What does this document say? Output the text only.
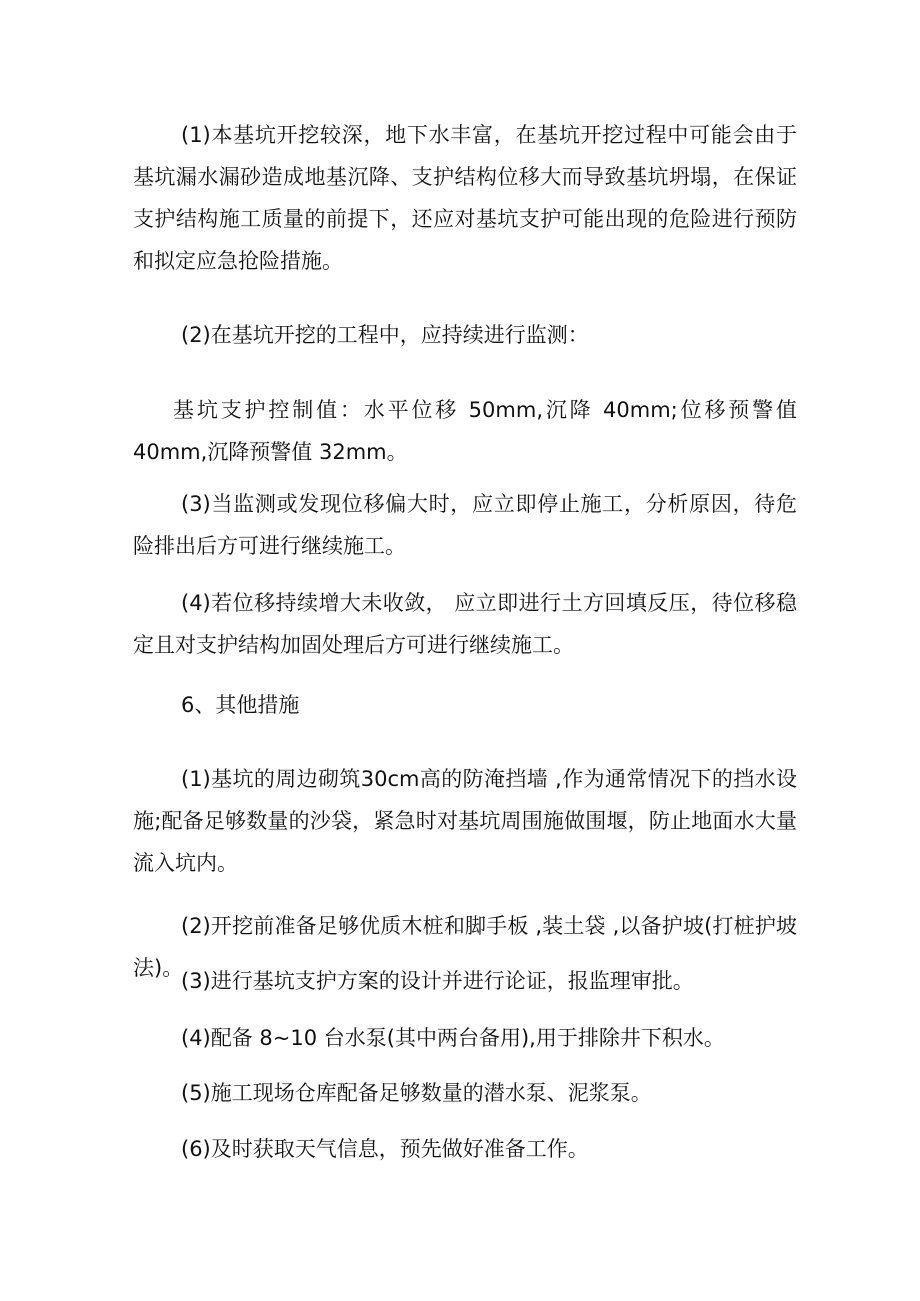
(1)本基坑开挖较深，地下水丰富，在基坑开挖过程中可能会由于基坑漏水漏砂造成地基沉降、支护结构位移大而导致基坑坍塌，在保证支护结构施工质量的前提下，还应对基坑支护可能出现的危险进行预防和拟定应急抢险措施。

(2)在基坑开挖的工程中，应持续进行监测：

基坑支护控制值：水平位移 50mm,沉降 40mm;位移预警值 40mm,沉降预警值 32mm。

(3)当监测或发现位移偏大时，应立即停止施工，分析原因，待危险排出后方可进行继续施工。

(4)若位移持续增大未收敛， 应立即进行土方回填反压，待位移稳定且对支护结构加固处理后方可进行继续施工。

6、其他措施

(1)基坑的周边砌筑30cm高的防淹挡墙 ,作为通常情况下的挡水设施;配备足够数量的沙袋，紧急时对基坑周围施做围堰，防止地面水大量流入坑内。

(2)开挖前准备足够优质木桩和脚手板 ,装土袋 ,以备护坡(打桩护坡法)。

(3)进行基坑支护方案的设计并进行论证，报监理审批。

(4)配备 8~10 台水泵(其中两台备用),用于排除井下积水。

(5)施工现场仓库配备足够数量的潜水泵、泥浆泵。

(6)及时获取天气信息，预先做好准备工作。
